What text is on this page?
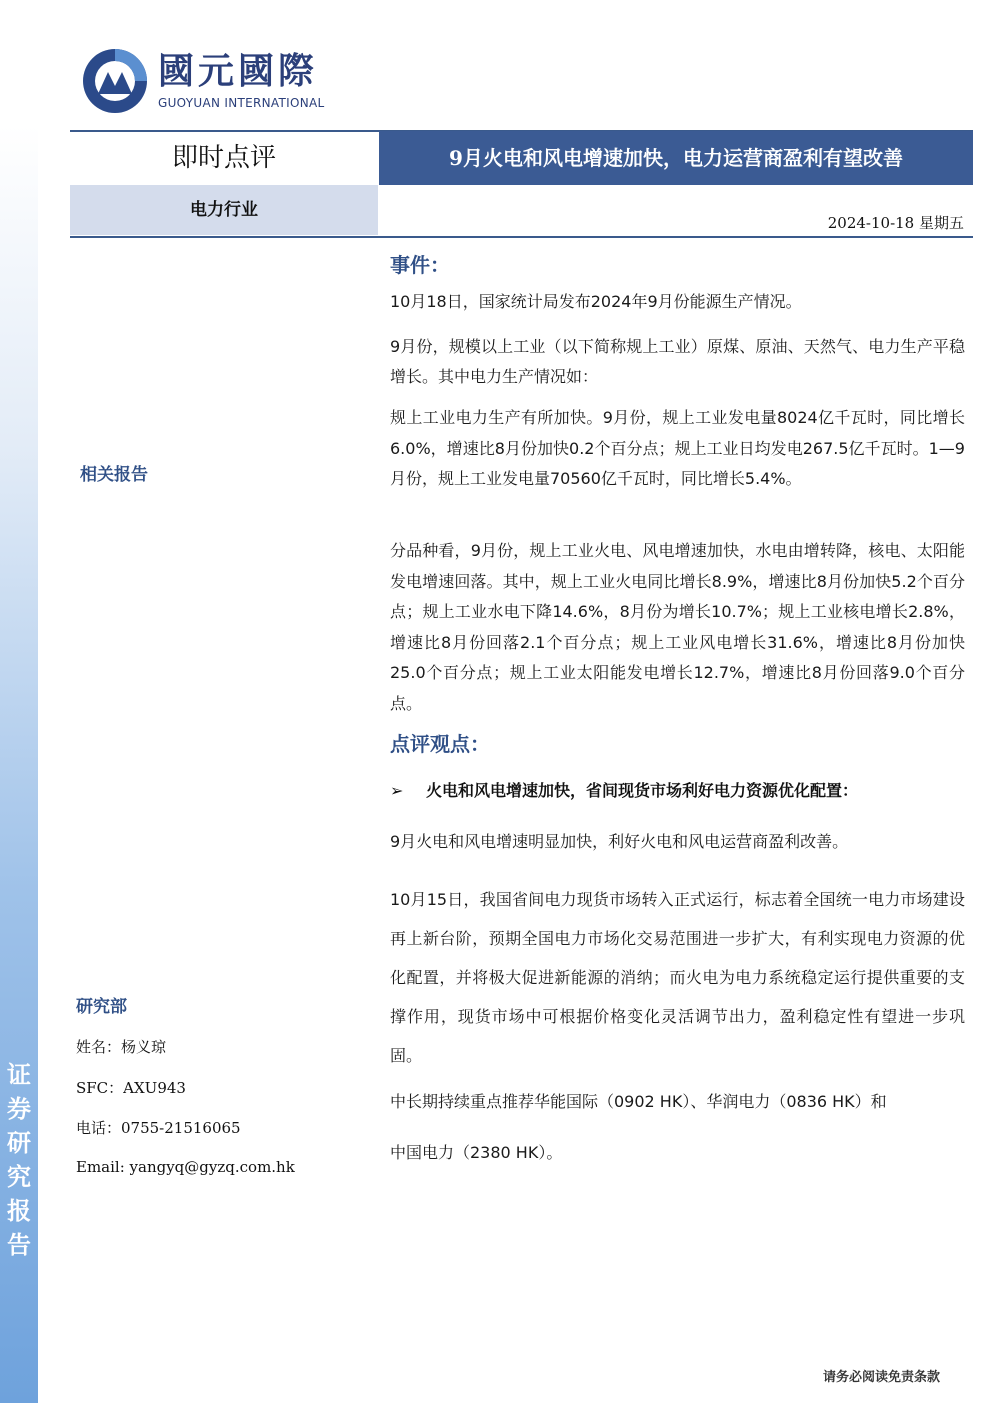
证券研究报告
國元國際
GUOYUAN INTERNATIONAL
即时点评	9月火电和风电增速加快，电力运营商盈利有望改善
电力行业
2024-10-18 星期五
相关报告
研究部
姓名：杨义琼
SFC：AXU943
电话：0755-21516065
Email: yangyq@gyzq.com.hk
事件：
10月18日，国家统计局发布2024年9月份能源生产情况。
9月份，规模以上工业（以下简称规上工业）原煤、原油、天然气、电力生产平稳增长。其中电力生产情况如：
规上工业电力生产有所加快。9月份，规上工业发电量8024亿千瓦时，同比增长6.0%，增速比8月份加快0.2个百分点；规上工业日均发电267.5亿千瓦时。1—9月份，规上工业发电量70560亿千瓦时，同比增长5.4%。
分品种看，9月份，规上工业火电、风电增速加快，水电由增转降，核电、太阳能发电增速回落。其中，规上工业火电同比增长8.9%，增速比8月份加快5.2个百分点；规上工业水电下降14.6%，8月份为增长10.7%；规上工业核电增长2.8%，增速比8月份回落2.1个百分点；规上工业风电增长31.6%，增速比8月份加快25.0个百分点；规上工业太阳能发电增长12.7%，增速比8月份回落9.0个百分点。
点评观点：
➢ 火电和风电增速加快，省间现货市场利好电力资源优化配置：
9月火电和风电增速明显加快，利好火电和风电运营商盈利改善。
10月15日，我国省间电力现货市场转入正式运行，标志着全国统一电力市场建设再上新台阶，预期全国电力市场化交易范围进一步扩大，有利实现电力资源的优化配置，并将极大促进新能源的消纳；而火电为电力系统稳定运行提供重要的支撑作用，现货市场中可根据价格变化灵活调节出力，盈利稳定性有望进一步巩固。
中长期持续重点推荐华能国际（0902 HK）、华润电力（0836 HK）和
中国电力（2380 HK）。
请务必阅读免责条款
